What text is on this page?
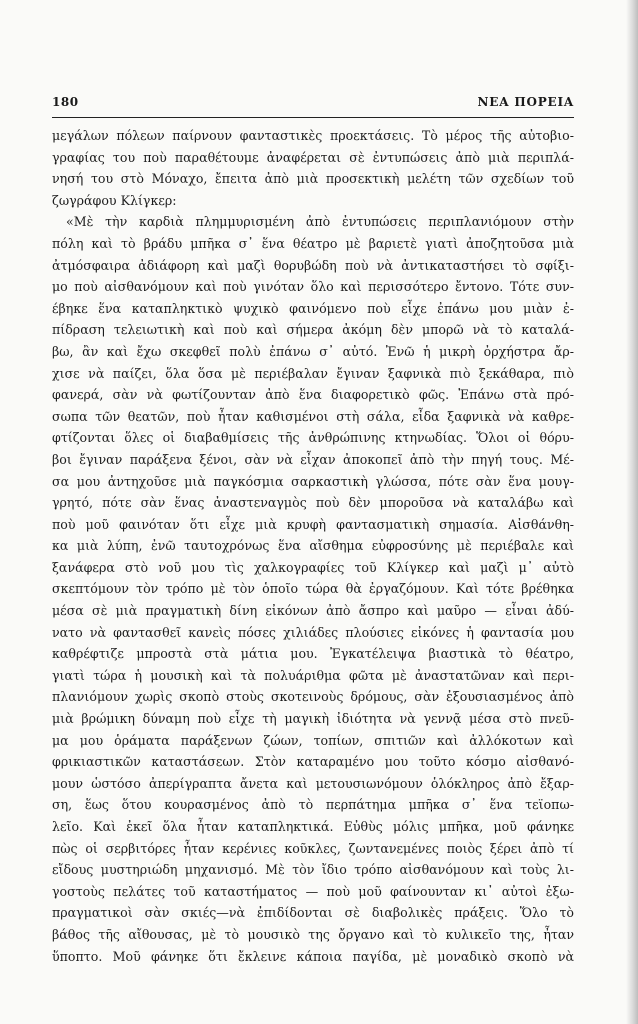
180	ΝΕΑ ΠΟΡΕΙΑ
μεγάλων πόλεων παίρνουν φανταστικὲς προεκτάσεις. Τὸ μέρος τῆς αὐτοβιο-
γραφίας του ποὺ παραθέτουμε ἀναφέρεται σὲ ἐντυπώσεις ἀπὸ μιὰ περιπλά-
νησή του στὸ Μόναχο, ἔπειτα ἀπὸ μιὰ προσεκτικὴ μελέτη τῶν σχεδίων τοῦ
ζωγράφου Κλίγκερ:
«Μὲ τὴν καρδιὰ πλημμυρισμένη ἀπὸ ἐντυπώσεις περιπλανιόμουν στὴν
πόλη καὶ τὸ βράδυ μπῆκα σ᾽ ἕνα θέατρο μὲ βαριετὲ γιατὶ ἀποζητοῦσα μιὰ
ἀτμόσφαιρα ἀδιάφορη καὶ μαζὶ θορυβώδη ποὺ νὰ ἀντικαταστήσει τὸ σφίξι-
μο ποὺ αἰσθανόμουν καὶ ποὺ γινόταν ὅλο καὶ περισσότερο ἔντονο. Τότε συν-
έβηκε ἕνα καταπληκτικὸ ψυχικὸ φαινόμενο ποὺ εἶχε ἐπάνω μου μιὰν ἐ-
πίδραση τελειωτικὴ καὶ ποὺ καὶ σήμερα ἀκόμη δὲν μπορῶ νὰ τὸ καταλά-
βω, ἂν καὶ ἔχω σκεφθεῖ πολὺ ἐπάνω σ᾽ αὐτό. Ἐνῶ ἡ μικρὴ ὀρχήστρα ἄρ-
χισε νὰ παίζει, ὅλα ὅσα μὲ περιέβαλαν ἔγιναν ξαφνικὰ πιὸ ξεκάθαρα, πιὸ
φανερά, σὰν νὰ φωτίζουνταν ἀπὸ ἕνα διαφορετικὸ φῶς. Ἐπάνω στὰ πρό-
σωπα τῶν θεατῶν, ποὺ ἦταν καθισμένοι στὴ σάλα, εἶδα ξαφνικὰ νὰ καθρε-
φτίζονται ὅλες οἱ διαβαθμίσεις τῆς ἀνθρώπινης κτηνωδίας. Ὅλοι οἱ θόρυ-
βοι ἔγιναν παράξενα ξένοι, σὰν νὰ εἶχαν ἀποκοπεῖ ἀπὸ τὴν πηγή τους. Μέ-
σα μου ἀντηχοῦσε μιὰ παγκόσμια σαρκαστικὴ γλώσσα, πότε σὰν ἕνα μουγ-
γρητό, πότε σὰν ἕνας ἀναστεναγμὸς ποὺ δὲν μποροῦσα νὰ καταλάβω καὶ
ποὺ μοῦ φαινόταν ὅτι εἶχε μιὰ κρυφὴ φαντασματικὴ σημασία. Αἰσθάνθη-
κα μιὰ λύπη, ἐνῶ ταυτοχρόνως ἕνα αἴσθημα εὐφροσύνης μὲ περιέβαλε καὶ
ξανάφερα στὸ νοῦ μου τὶς χαλκογραφίες τοῦ Κλίγκερ καὶ μαζὶ μ᾽ αὐτὸ
σκεπτόμουν τὸν τρόπο μὲ τὸν ὁποῖο τώρα θὰ ἐργαζόμουν. Καὶ τότε βρέθηκα
μέσα σὲ μιὰ πραγματικὴ δίνη εἰκόνων ἀπὸ ἄσπρο καὶ μαῦρο — εἶναι ἀδύ-
νατο νὰ φαντασθεῖ κανεὶς πόσες χιλιάδες πλούσιες εἰκόνες ἡ φαντασία μου
καθρέφτιζε μπροστὰ στὰ μάτια μου. Ἐγκατέλειψα βιαστικὰ τὸ θέατρο,
γιατὶ τώρα ἡ μουσικὴ καὶ τὰ πολυάριθμα φῶτα μὲ ἀναστατῶναν καὶ περι-
πλανιόμουν χωρὶς σκοπὸ στοὺς σκοτεινοὺς δρόμους, σὰν ἐξουσιασμένος ἀπὸ
μιὰ βρώμικη δύναμη ποὺ εἶχε τὴ μαγικὴ ἰδιότητα νὰ γεννᾷ μέσα στὸ πνεῦ-
μα μου ὁράματα παράξενων ζώων, τοπίων, σπιτιῶν καὶ ἀλλόκοτων καὶ
φρικιαστικῶν καταστάσεων. Στὸν καταραμένο μου τοῦτο κόσμο αἰσθανό-
μουν ὡστόσο ἀπερίγραπτα ἄνετα καὶ μετουσιωνόμουν ὁλόκληρος ἀπὸ ἔξαρ-
ση, ἕως ὅτου κουρασμένος ἀπὸ τὸ περπάτημα μπῆκα σ᾽ ἕνα τεϊοπω-
λεῖο. Καὶ ἐκεῖ ὅλα ἦταν καταπληκτικά. Εὐθὺς μόλις μπῆκα, μοῦ φάνηκε
πὼς οἱ σερβιτόρες ἦταν κερένιες κοῦκλες, ζωντανεμένες ποιὸς ξέρει ἀπὸ τί
εἴδους μυστηριώδη μηχανισμό. Μὲ τὸν ἴδιο τρόπο αἰσθανόμουν καὶ τοὺς λι-
γοστοὺς πελάτες τοῦ καταστήματος — ποὺ μοῦ φαίνουνταν κι᾽ αὐτοὶ ἐξω-
πραγματικοὶ σὰν σκιές—νὰ ἐπιδίδονται σὲ διαβολικὲς πράξεις. Ὅλο τὸ
βάθος τῆς αἴθουσας, μὲ τὸ μουσικὸ της ὄργανο καὶ τὸ κυλικεῖο της, ἦταν
ὕποπτο. Μοῦ φάνηκε ὅτι ἔκλεινε κάποια παγίδα, μὲ μοναδικὸ σκοπὸ νὰ
